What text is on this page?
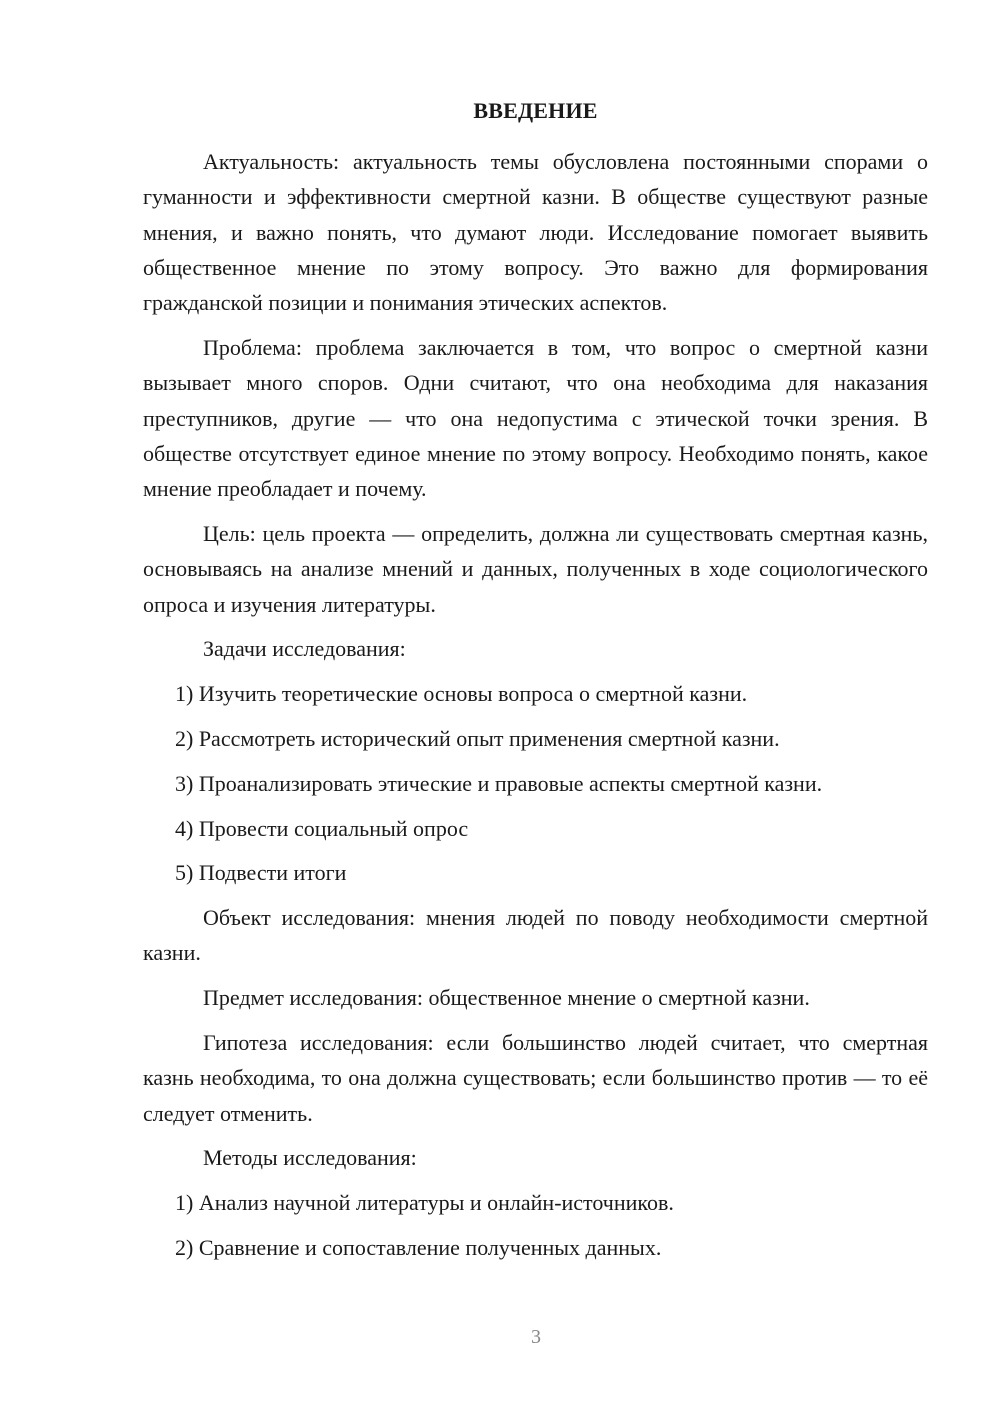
ВВЕДЕНИЕ

Актуальность: актуальность темы обусловлена постоянными спорами о гуманности и эффективности смертной казни. В обществе существуют разные мнения, и важно понять, что думают люди. Исследование помогает выявить общественное мнение по этому вопросу. Это важно для формирования гражданской позиции и понимания этических аспектов.

Проблема: проблема заключается в том, что вопрос о смертной казни вызывает много споров. Одни считают, что она необходима для наказания преступников, другие — что она недопустима с этической точки зрения. В обществе отсутствует единое мнение по этому вопросу. Необходимо понять, какое мнение преобладает и почему.

Цель: цель проекта — определить, должна ли существовать смертная казнь, основываясь на анализе мнений и данных, полученных в ходе социологического опроса и изучения литературы.

Задачи исследования:

1) Изучить теоретические основы вопроса о смертной казни.

2) Рассмотреть исторический опыт применения смертной казни.

3) Проанализировать этические и правовые аспекты смертной казни.

4) Провести социальный опрос

5) Подвести итоги

Объект исследования: мнения людей по поводу необходимости смертной казни.

Предмет исследования: общественное мнение о смертной казни.

Гипотеза исследования: если большинство людей считает, что смертная казнь необходима, то она должна существовать; если большинство против — то её следует отменить.

Методы исследования:

1) Анализ научной литературы и онлайн-источников.

2) Сравнение и сопоставление полученных данных.

3
